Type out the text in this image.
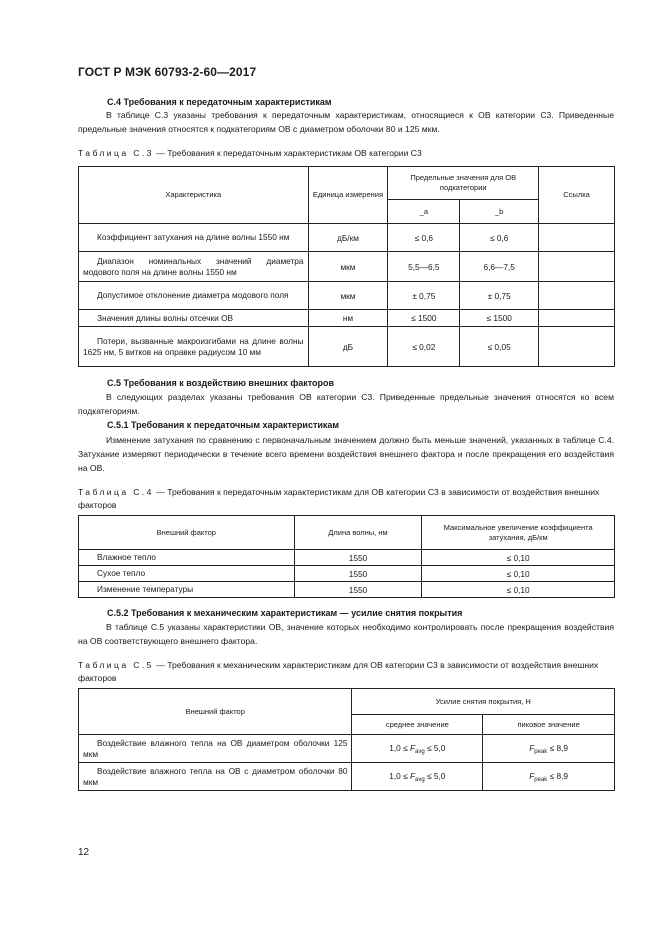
ГОСТ Р МЭК 60793-2-60—2017
С.4 Требования к передаточным характеристикам
В таблице С.3 указаны требования к передаточным характеристикам, относящиеся к ОВ категории С3. Приведенные предельные значения относятся к подкатегориям ОВ с диаметром оболочки 80 и 125 мкм.
Таблица С.3 — Требования к передаточным характеристикам ОВ категории С3
Характеристика	Единица измерения	Предельные значения для ОВ подкатегории		Ссылка
		_a	_b	
Коэффициент затухания на длине волны 1550 нм	дБ/км	≤ 0,6	≤ 0,6	
Диапазон номинальных значений диаметра модового поля на длине волны 1550 нм	мкм	5,5—6,5	6,6—7,5	
Допустимое отклонение диаметра модового поля	мкм	± 0,75	± 0,75	
Значения длины волны отсечки ОВ	нм	≤ 1500	≤ 1500	
Потери, вызванные макроизгибами на длине волны 1625 нм, 5 витков на оправке радиусом 10 мм	дБ	≤ 0,02	≤ 0,05	
С.5 Требования к воздействию внешних факторов
В следующих разделах указаны требования ОВ категории С3. Приведенные предельные значения относятся ко всем подкатегориям.
С.5.1 Требования к передаточным характеристикам
Изменение затухания по сравнению с первоначальным значением должно быть меньше значений, указанных в таблице С.4. Затухание измеряют периодически в течение всего времени воздействия внешнего фактора и после прекращения его воздействия на ОВ.
Таблица С.4 — Требования к передаточным характеристикам для ОВ категории С3 в зависимости от воздействия внешних факторов
Внешний фактор	Длина волны, нм	Максимальное увеличение коэффициента затухания, дБ/км
Влажное тепло	1550	≤ 0,10
Сухое тепло	1550	≤ 0,10
Изменение температуры	1550	≤ 0,10
С.5.2 Требования к механическим характеристикам — усилие снятия покрытия
В таблице С.5 указаны характеристики ОВ, значение которых необходимо контролировать после прекращения воздействия на ОВ соответствующего внешнего фактора.
Таблица С.5 — Требования к механическим характеристикам для ОВ категории С3 в зависимости от воздействия внешних факторов
Внешний фактор	Усилие снятия покрытия, Н	
	среднее значение	пиковое значение
Воздействие влажного тепла на ОВ диаметром оболочки 125 мкм	$1,0 \le F_{avg} \le 5,0$	$F_{peak} \le 8,9$
Воздействие влажного тепла на ОВ с диаметром оболочки 80 мкм	$1,0 \le F_{avg} \le 5,0$	$F_{peak} \le 8,9$
12
